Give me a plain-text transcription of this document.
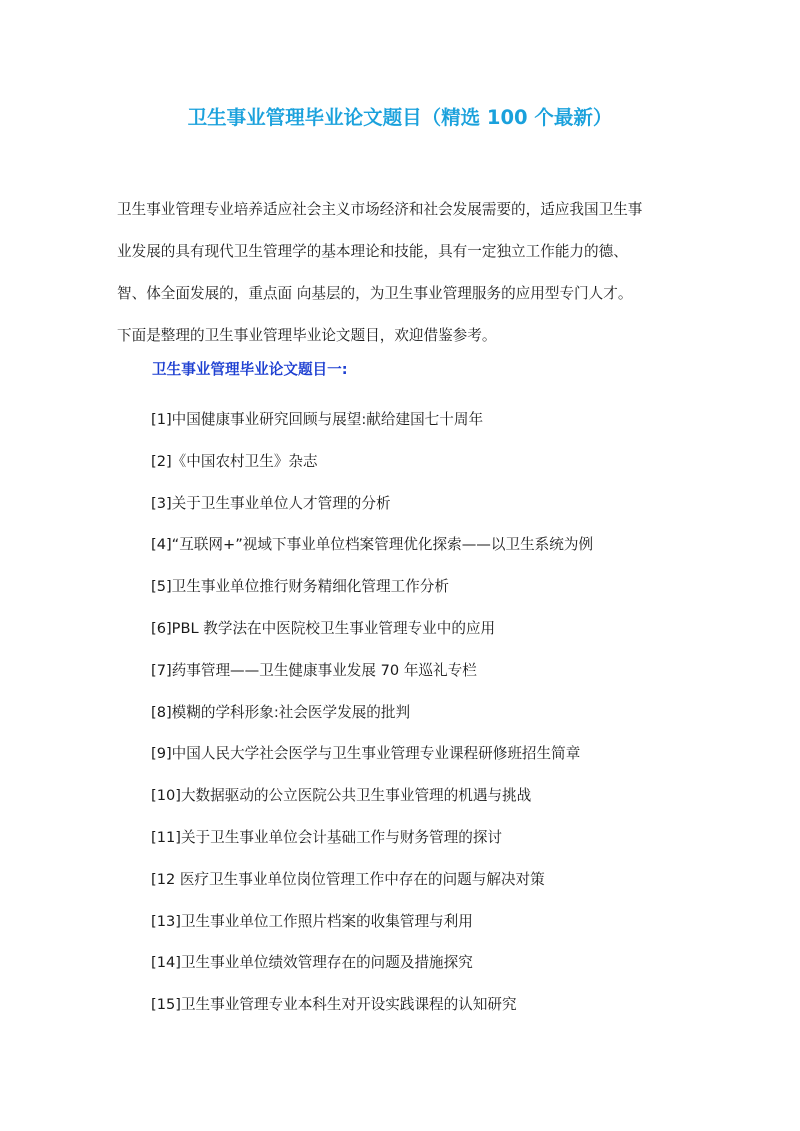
卫生事业管理毕业论文题目（精选 100 个最新）

卫生事业管理专业培养适应社会主义市场经济和社会发展需要的，适应我国卫生事

业发展的具有现代卫生管理学的基本理论和技能，具有一定独立工作能力的德、

智、体全面发展的，重点面 向基层的，为卫生事业管理服务的应用型专门人才。

下面是整理的卫生事业管理毕业论文题目，欢迎借鉴参考。

卫生事业管理毕业论文题目一:
[1]中国健康事业研究回顾与展望:献给建国七十周年
[2]《中国农村卫生》杂志
[3]关于卫生事业单位人才管理的分析
[4]“互联网+”视域下事业单位档案管理优化探索——以卫生系统为例
[5]卫生事业单位推行财务精细化管理工作分析
[6]PBL 教学法在中医院校卫生事业管理专业中的应用
[7]药事管理——卫生健康事业发展 70 年巡礼专栏
[8]模糊的学科形象:社会医学发展的批判
[9]中国人民大学社会医学与卫生事业管理专业课程研修班招生简章
[10]大数据驱动的公立医院公共卫生事业管理的机遇与挑战
[11]关于卫生事业单位会计基础工作与财务管理的探讨
[12 医疗卫生事业单位岗位管理工作中存在的问题与解决对策
[13]卫生事业单位工作照片档案的收集管理与利用
[14]卫生事业单位绩效管理存在的问题及措施探究
[15]卫生事业管理专业本科生对开设实践课程的认知研究
